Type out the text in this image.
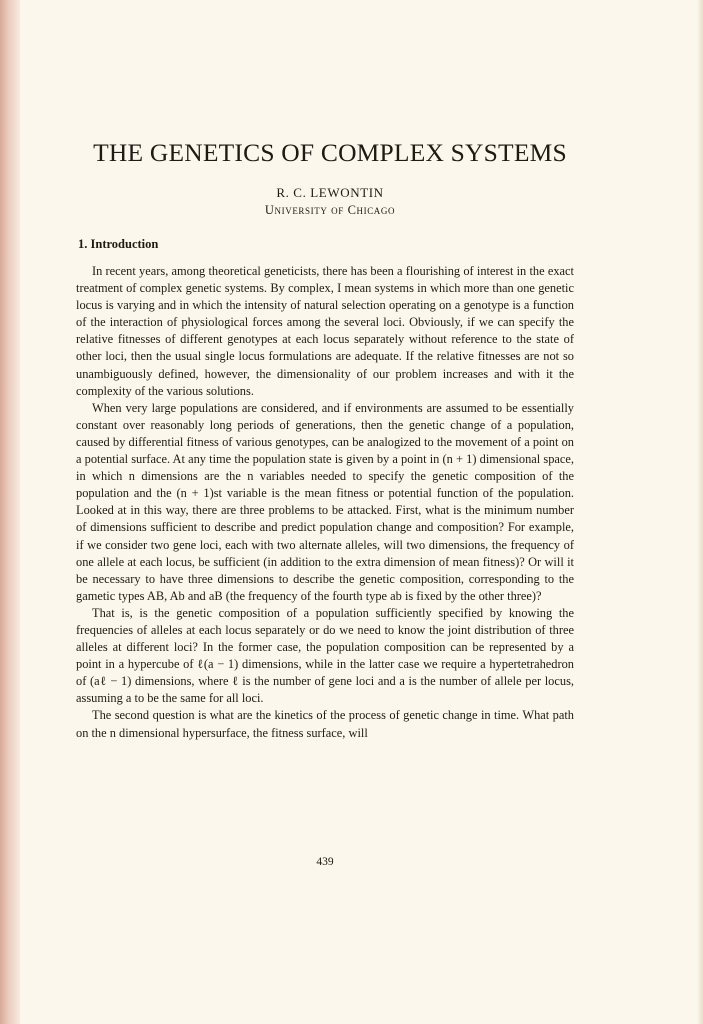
THE GENETICS OF COMPLEX SYSTEMS
R. C. LEWONTIN
University of Chicago
1. Introduction

In recent years, among theoretical geneticists, there has been a flourishing of interest in the exact treatment of complex genetic systems. By complex, I mean systems in which more than one genetic locus is varying and in which the intensity of natural selection operating on a genotype is a function of the interaction of physiological forces among the several loci. Obviously, if we can specify the relative fitnesses of different genotypes at each locus separately without reference to the state of other loci, then the usual single locus formulations are adequate. If the relative fitnesses are not so unambiguously defined, however, the dimensionality of our problem increases and with it the complexity of the various solutions.

When very large populations are considered, and if environments are assumed to be essentially constant over reasonably long periods of generations, then the genetic change of a population, caused by differential fitness of various genotypes, can be analogized to the movement of a point on a potential surface. At any time the population state is given by a point in (n + 1) dimensional space, in which n dimensions are the n variables needed to specify the genetic composition of the population and the (n + 1)st variable is the mean fitness or potential function of the population. Looked at in this way, there are three problems to be attacked. First, what is the minimum number of dimensions sufficient to describe and predict population change and composition? For example, if we consider two gene loci, each with two alternate alleles, will two dimensions, the frequency of one allele at each locus, be sufficient (in addition to the extra dimension of mean fitness)? Or will it be necessary to have three dimensions to describe the genetic composition, corresponding to the gametic types AB, Ab and aB (the frequency of the fourth type ab is fixed by the other three)?

That is, is the genetic composition of a population sufficiently specified by knowing the frequencies of alleles at each locus separately or do we need to know the joint distribution of three alleles at different loci? In the former case, the population composition can be represented by a point in a hypercube of ℓ(a − 1) dimensions, while in the latter case we require a hypertetrahedron of (aℓ − 1) dimensions, where ℓ is the number of gene loci and a is the number of allele per locus, assuming a to be the same for all loci.

The second question is what are the kinetics of the process of genetic change in time. What path on the n dimensional hypersurface, the fitness surface, will

439
